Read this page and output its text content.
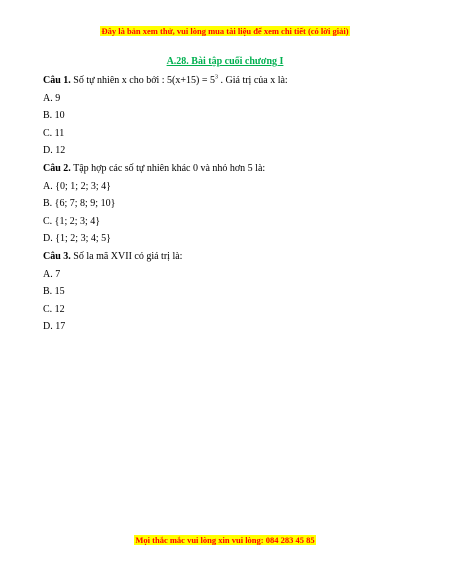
Đây là bản xem thử, vui lòng mua tài liệu để xem chi tiết (có lời giải)
A.28. Bài tập cuối chương I
Câu 1. Số tự nhiên x cho bởi : $5(x+15) = 5^3$ . Giá trị của x là:
A. 9
B. 10
C. 11
D. 12
Câu 2. Tập hợp các số tự nhiên khác 0 và nhỏ hơn 5 là:
A. {0; 1; 2; 3; 4}
B. {6; 7; 8; 9; 10}
C. {1; 2; 3; 4}
D. {1; 2; 3; 4; 5}
Câu 3. Số la mã XVII có giá trị là:
A. 7
B. 15
C. 12
D. 17
Mọi thắc mắc vui lòng xin vui lòng: 084 283 45 85
